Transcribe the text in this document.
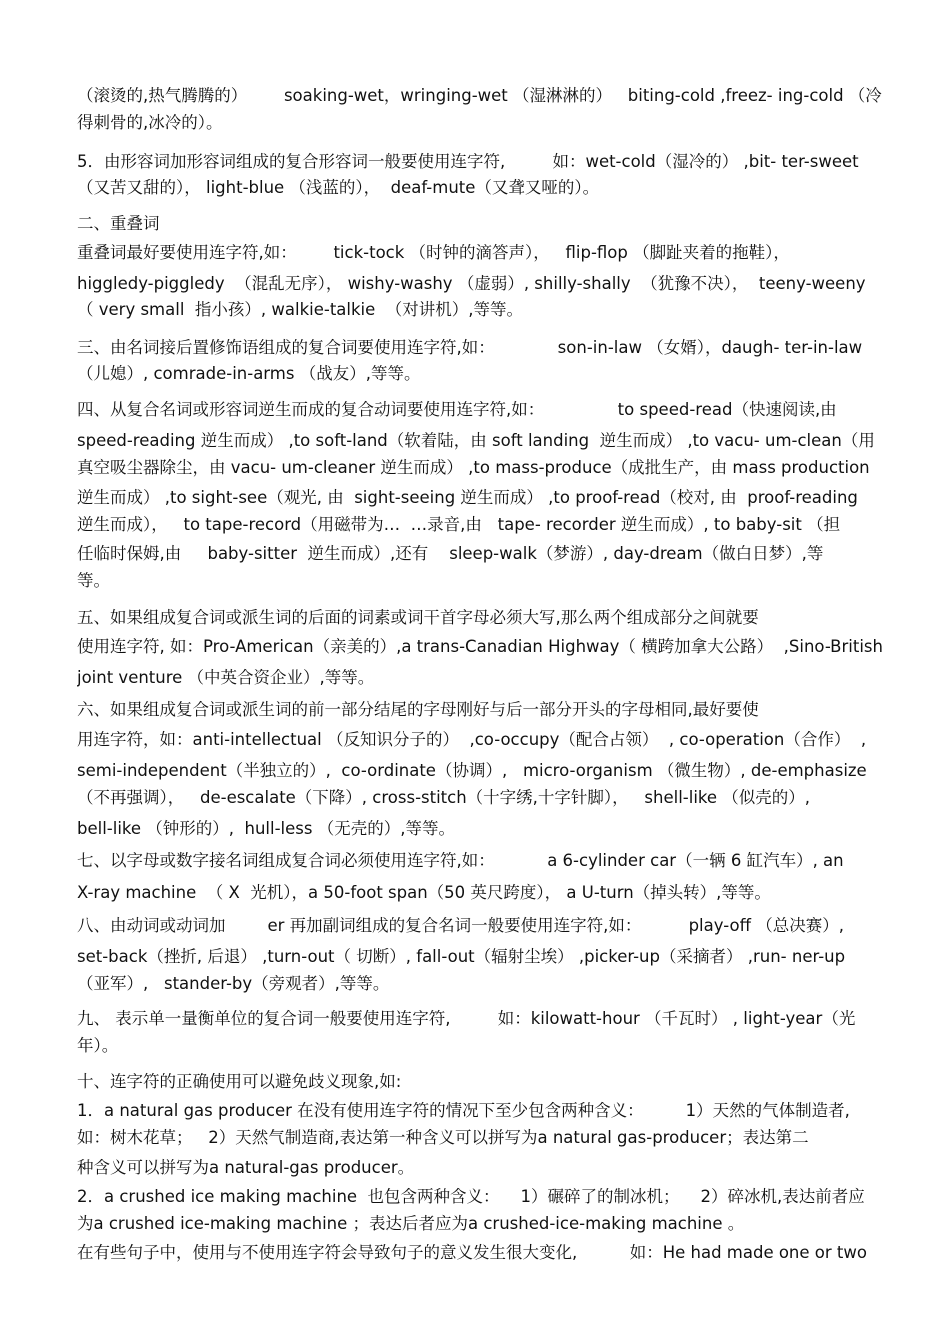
（滚烫的,热气腾腾的）       soaking-wet，wringing-wet （湿淋淋的）   biting-cold ,freez- ing-cold （冷
得刺骨的,冰冷的）。
5．由形容词加形容词组成的复合形容词一般要使用连字符,         如：wet-cold（湿冷的） ,bit- ter-sweet
（又苦又甜的）， light-blue （浅蓝的），  deaf-mute（又聋又哑的）。
二、重叠词
重叠词最好要使用连字符,如：       tick-tock （时钟的滴答声），   flip-flop （脚趾夹着的拖鞋），
higgledy-piggledy  （混乱无序）， wishy-washy （虚弱）, shilly-shally  （犹豫不决），  teeny-weeny
（ very small  指小孩）, walkie-talkie  （对讲机）,等等。
三、由名词接后置修饰语组成的复合词要使用连字符,如：            son-in-law （女婿），daugh- ter-in-law
（儿媳）, comrade-in-arms （战友）,等等。
四、从复合名词或形容词逆生而成的复合动词要使用连字符,如：              to speed-read（快速阅读,由
speed-reading 逆生而成） ,to soft-land（软着陆，由 soft landing  逆生而成） ,to vacu- um-clean（用
真空吸尘器除尘，由 vacu- um-cleaner 逆生而成） ,to mass-produce（成批生产，由 mass production
逆生而成） ,to sight-see（观光, 由  sight-seeing 逆生而成） ,to proof-read（校对, 由  proof-reading
逆生而成），   to tape-record（用磁带为…  …录音,由   tape- recorder 逆生而成）, to baby-sit （担
任临时保姆,由     baby-sitter  逆生而成）,还有    sleep-walk（梦游）, day-dream（做白日梦）,等
等。
五、如果组成复合词或派生词的后面的词素或词干首字母必须大写,那么两个组成部分之间就要
使用连字符, 如：Pro-American（亲美的）,a trans-Canadian Highway（ 横跨加拿大公路）  ,Sino-British
joint venture （中英合资企业）,等等。
六、如果组成复合词或派生词的前一部分结尾的字母刚好与后一部分开头的字母相同,最好要使
用连字符，如：anti-intellectual （反知识分子的）  ,co-occupy（配合占领）  , co-operation（合作）  ,
semi-independent（半独立的）,  co-ordinate（协调）,   micro-organism （微生物）, de-emphasize
（不再强调），   de-escalate（下降）, cross-stitch（十字绣,十字针脚），   shell-like （似壳的）,
bell-like （钟形的）,  hull-less （无壳的）,等等。
七、以字母或数字接名词组成复合词必须使用连字符,如：          a 6-cylinder car（一辆 6 缸汽车）, an
X-ray machine  （ X  光机），a 50-foot span（50 英尺跨度）， a U-turn（掉头转）,等等。
八、由动词或动词加        er 再加副词组成的复合名词一般要使用连字符,如：         play-off （总决赛）,
set-back（挫折, 后退） ,turn-out（ 切断）, fall-out（辐射尘埃） ,picker-up（采摘者） ,run- ner-up
（亚军）,   stander-by（旁观者）,等等。
九、 表示单一量衡单位的复合词一般要使用连字符,         如：kilowatt-hour （千瓦时） , light-year（光
年）。
十、连字符的正确使用可以避免歧义现象,如:
1．a natural gas producer 在没有使用连字符的情况下至少包含两种含义：        1）天然的气体制造者,
如：树木花草；   2）天然气制造商,表达第一种含义可以拼写为a natural gas-producer；表达第二
种含义可以拼写为a natural-gas producer。
2．a crushed ice making machine  也包含两种含义：    1）碾碎了的制冰机；    2）碎冰机,表达前者应
为a crushed ice-making machine ；表达后者应为a crushed-ice-making machine 。
在有些句子中，使用与不使用连字符会导致句子的意义发生很大变化,          如：He had made one or two
